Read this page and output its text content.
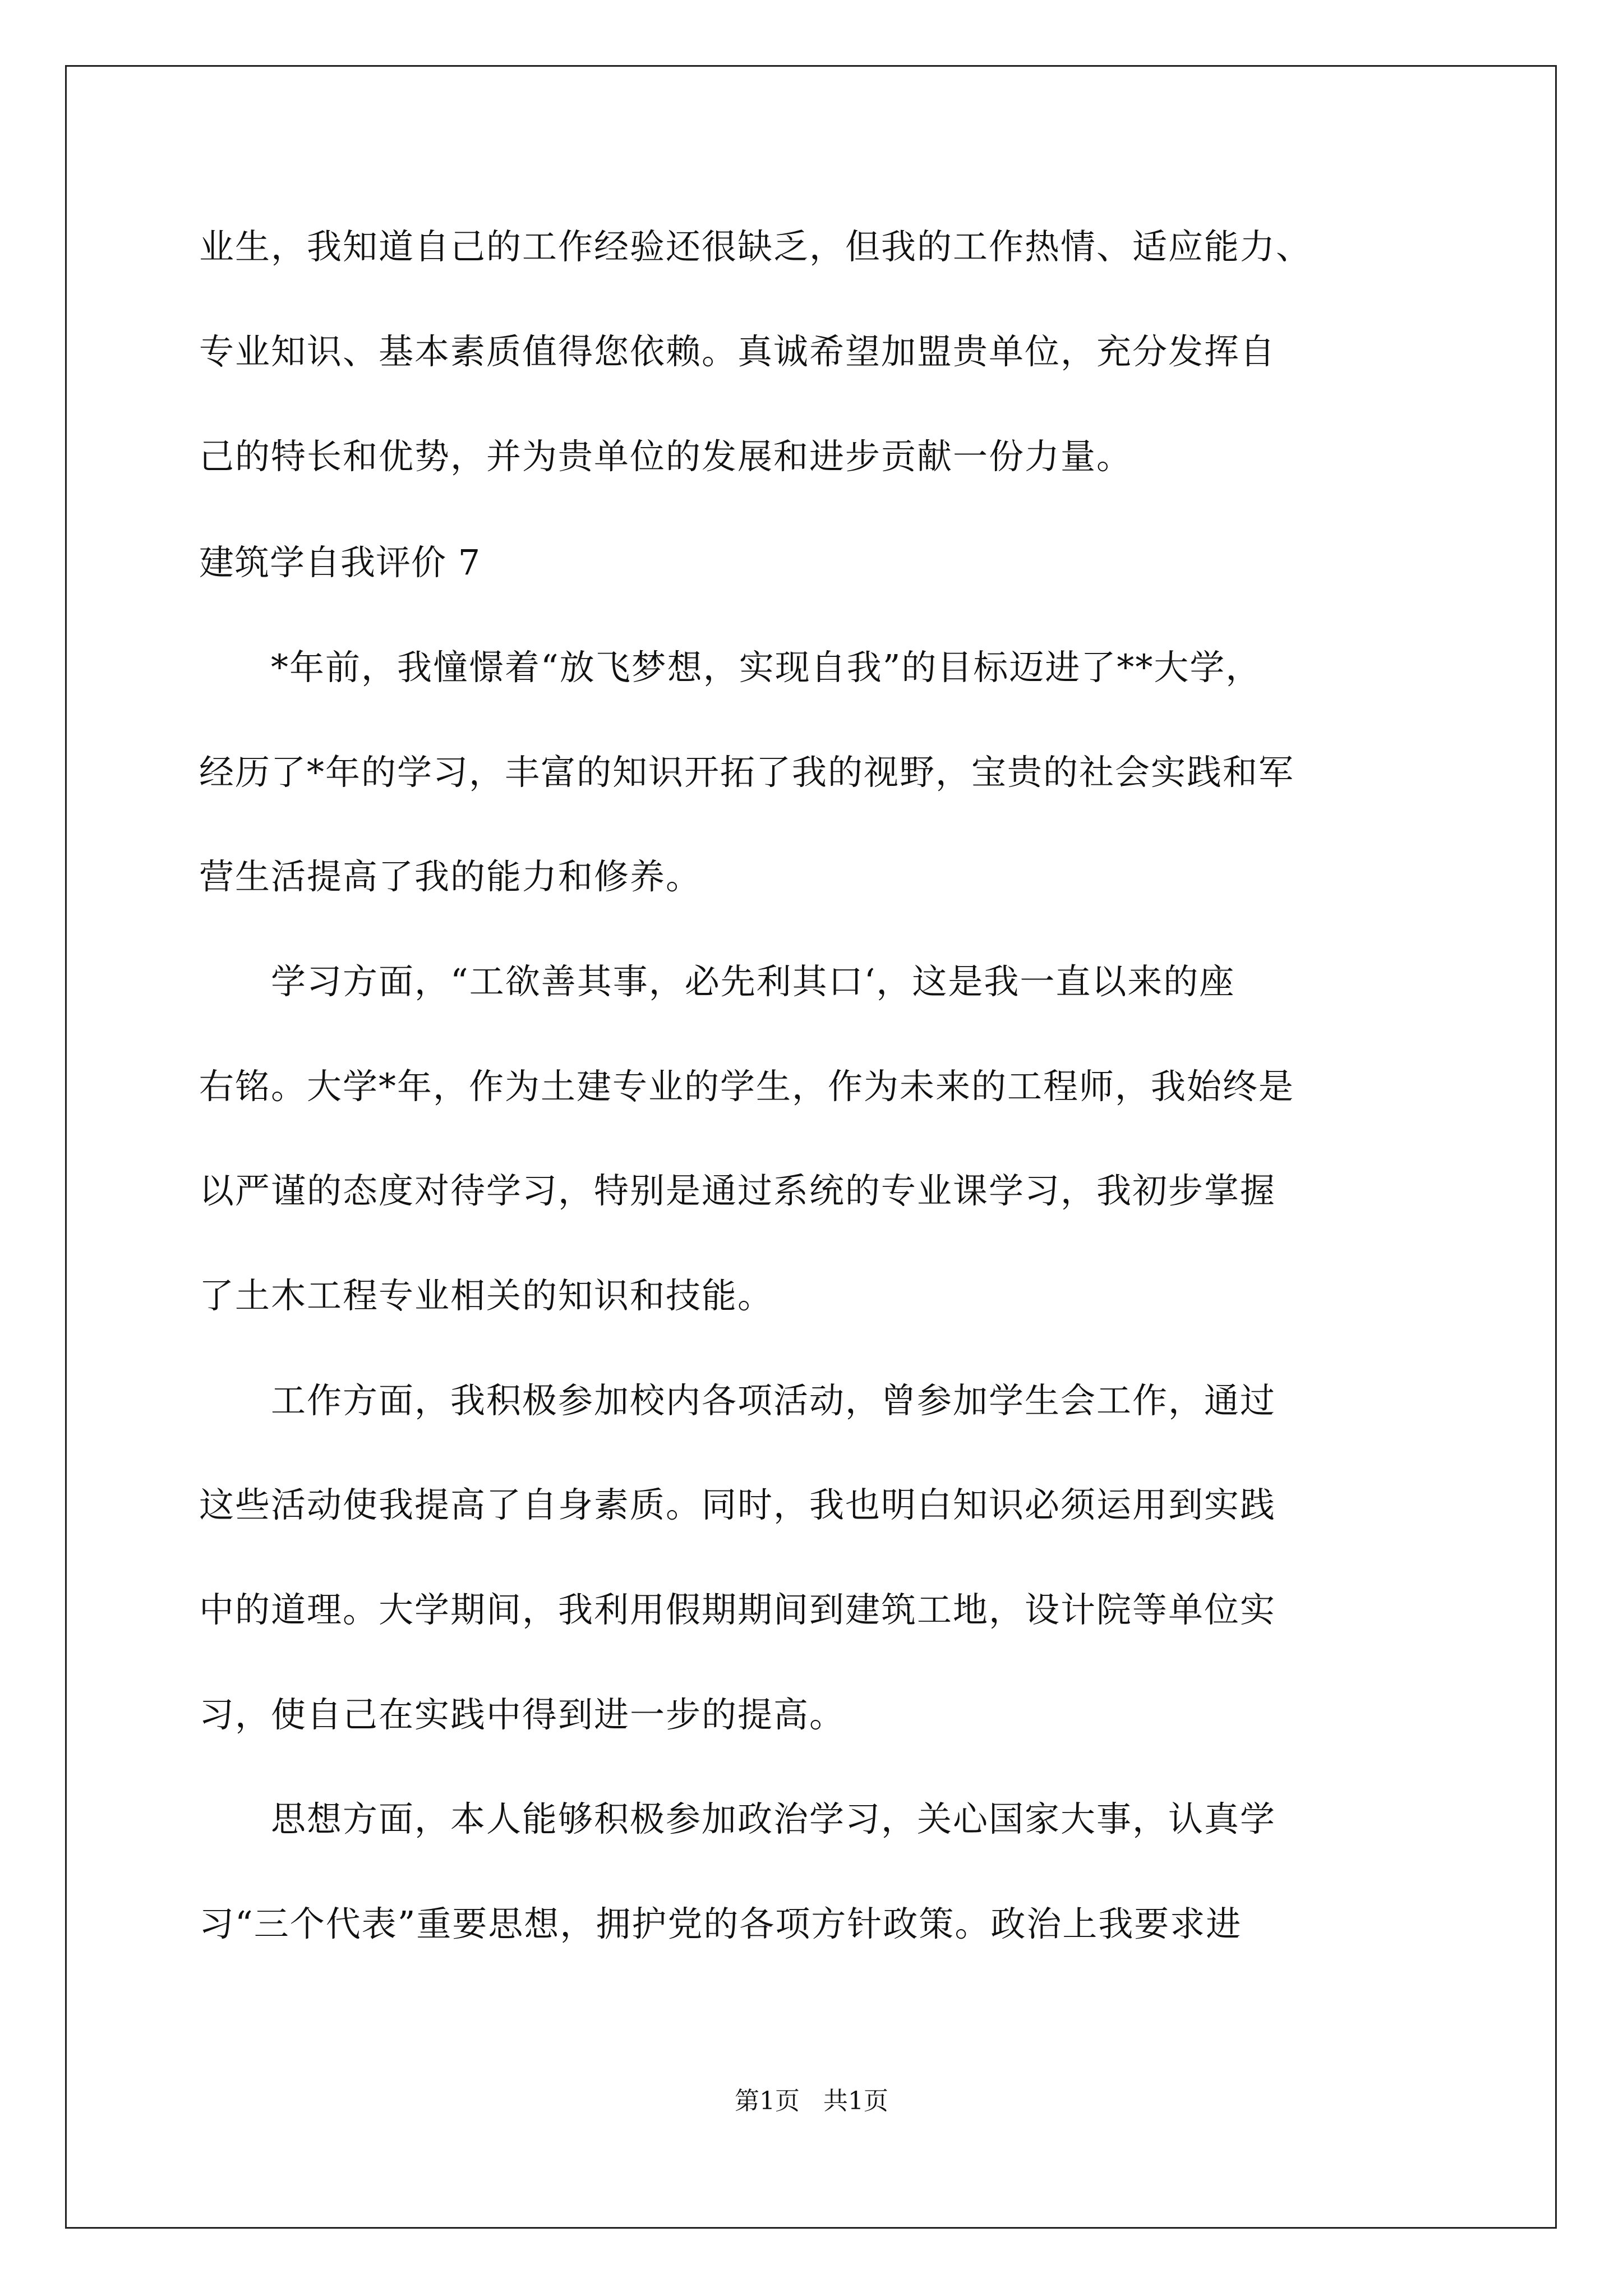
业生，我知道自己的工作经验还很缺乏，但我的工作热情、适应能力、
专业知识、基本素质值得您依赖。真诚希望加盟贵单位，充分发挥自
己的特长和优势，并为贵单位的发展和进步贡献一份力量。
建筑学自我评价 7
　　*年前，我憧憬着“放飞梦想，实现自我”的目标迈进了**大学，
经历了*年的学习，丰富的知识开拓了我的视野，宝贵的社会实践和军
营生活提高了我的能力和修养。
　　学习方面，“工欲善其事，必先利其口‘，这是我一直以来的座
右铭。大学*年，作为土建专业的学生，作为未来的工程师，我始终是
以严谨的态度对待学习，特别是通过系统的专业课学习，我初步掌握
了土木工程专业相关的知识和技能。
　　工作方面，我积极参加校内各项活动，曾参加学生会工作，通过
这些活动使我提高了自身素质。同时，我也明白知识必须运用到实践
中的道理。大学期间，我利用假期期间到建筑工地，设计院等单位实
习，使自己在实践中得到进一步的提高。
　　思想方面，本人能够积极参加政治学习，关心国家大事，认真学
习“三个代表”重要思想，拥护党的各项方针政策。政治上我要求进
第1页   共1页
